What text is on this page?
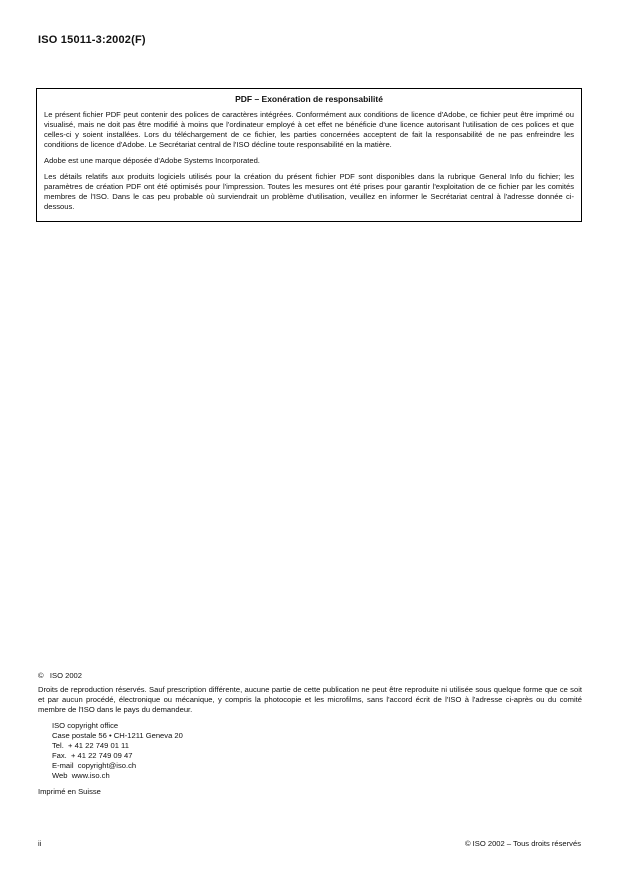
ISO 15011-3:2002(F)
PDF – Exonération de responsabilité

Le présent fichier PDF peut contenir des polices de caractères intégrées. Conformément aux conditions de licence d'Adobe, ce fichier peut être imprimé ou visualisé, mais ne doit pas être modifié à moins que l'ordinateur employé à cet effet ne bénéficie d'une licence autorisant l'utilisation de ces polices et que celles-ci y soient installées. Lors du téléchargement de ce fichier, les parties concernées acceptent de fait la responsabilité de ne pas enfreindre les conditions de licence d'Adobe. Le Secrétariat central de l'ISO décline toute responsabilité en la matière.

Adobe est une marque déposée d'Adobe Systems Incorporated.

Les détails relatifs aux produits logiciels utilisés pour la création du présent fichier PDF sont disponibles dans la rubrique General Info du fichier; les paramètres de création PDF ont été optimisés pour l'impression. Toutes les mesures ont été prises pour garantir l'exploitation de ce fichier par les comités membres de l'ISO. Dans le cas peu probable où surviendrait un problème d'utilisation, veuillez en informer le Secrétariat central à l'adresse donnée ci-dessous.

©   ISO 2002
Droits de reproduction réservés. Sauf prescription différente, aucune partie de cette publication ne peut être reproduite ni utilisée sous quelque forme que ce soit et par aucun procédé, électronique ou mécanique, y compris la photocopie et les microfilms, sans l'accord écrit de l'ISO à l'adresse ci-après ou du comité membre de l'ISO dans le pays du demandeur.
ISO copyright office
Case postale 56 • CH-1211 Geneva 20
Tel.  + 41 22 749 01 11
Fax.  + 41 22 749 09 47
E-mail  copyright@iso.ch
Web  www.iso.ch
Imprimé en Suisse
ii	© ISO 2002 – Tous droits réservés
